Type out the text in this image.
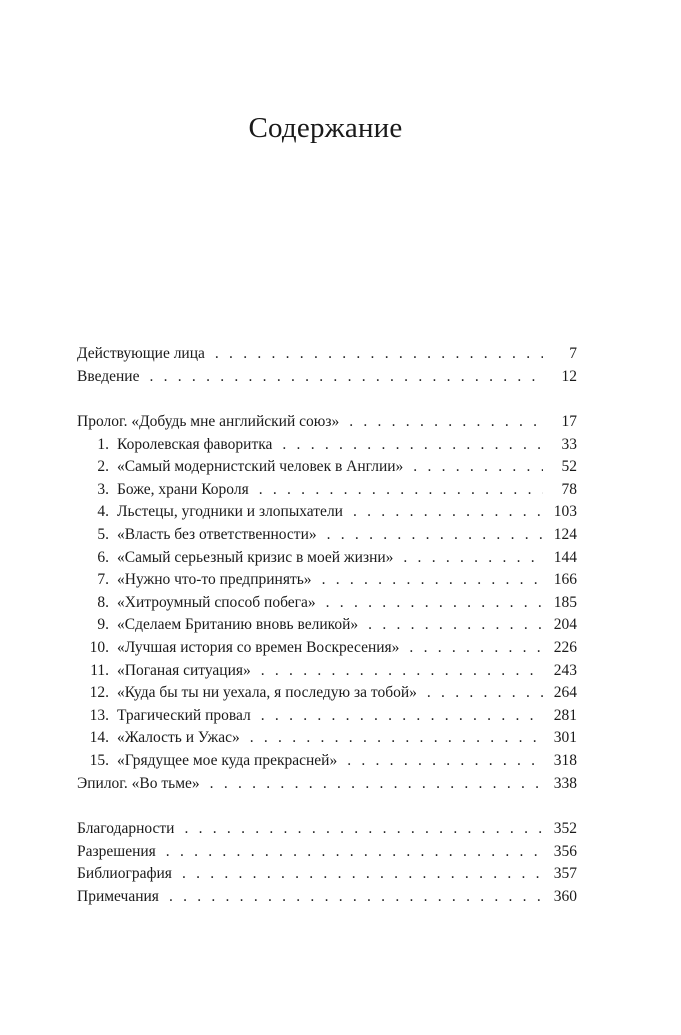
Содержание
Действующие лица . . .	7
Введение . . .	12
Пролог. «Добудь мне английский союз» . . .	17
1. Королевская фаворитка . . .	33
2. «Самый модернистский человек в Англии» . . .	52
3. Боже, храни Короля . . .	78
4. Льстецы, угодники и злопыхатели . . .	103
5. «Власть без ответственности» . . .	124
6. «Самый серьезный кризис в моей жизни» . . .	144
7. «Нужно что-то предпринять» . . .	166
8. «Хитроумный способ побега» . . .	185
9. «Сделаем Британию вновь великой» . . .	204
10. «Лучшая история со времен Воскресения» . . .	226
11. «Поганая ситуация» . . .	243
12. «Куда бы ты ни уехала, я последую за тобой» . . .	264
13. Трагический провал . . .	281
14. «Жалость и Ужас» . . .	301
15. «Грядущее мое куда прекрасней» . . .	318
Эпилог. «Во тьме» . . .	338
Благодарности . . .	352
Разрешения . . .	356
Библиография . . .	357
Примечания . . .	360
